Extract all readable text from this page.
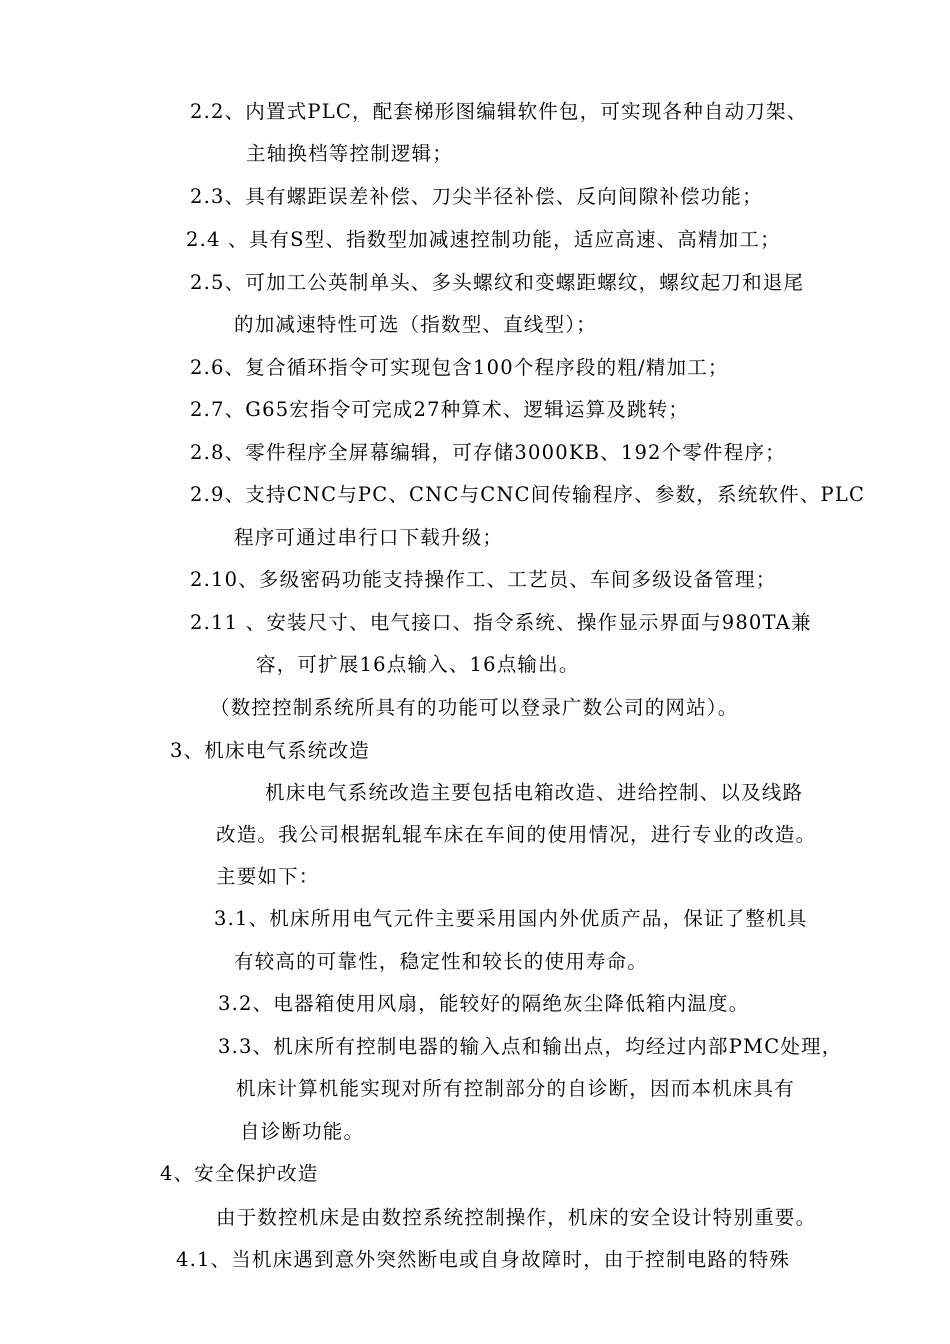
2.2、内置式PLC，配套梯形图编辑软件包，可实现各种自动刀架、
主轴换档等控制逻辑；
2.3、具有螺距误差补偿、刀尖半径补偿、反向间隙补偿功能；
2.4 、具有S型、指数型加减速控制功能，适应高速、高精加工；
2.5、可加工公英制单头、多头螺纹和变螺距螺纹，螺纹起刀和退尾
的加减速特性可选（指数型、直线型）；
2.6、复合循环指令可实现包含100个程序段的粗/精加工；
2.7、G65宏指令可完成27种算术、逻辑运算及跳转；
2.8、零件程序全屏幕编辑，可存储3000KB、192个零件程序；
2.9、支持CNC与PC、CNC与CNC间传输程序、参数，系统软件、PLC
程序可通过串行口下载升级；
2.10、多级密码功能支持操作工、工艺员、车间多级设备管理；
2.11 、安装尺寸、电气接口、指令系统、操作显示界面与980TA兼
容，可扩展16点输入、16点输出。
（数控控制系统所具有的功能可以登录广数公司的网站）。
3、机床电气系统改造
机床电气系统改造主要包括电箱改造、进给控制、以及线路
改造。我公司根据轧辊车床在车间的使用情况，进行专业的改造。
主要如下：
3.1、机床所用电气元件主要采用国内外优质产品，保证了整机具
有较高的可靠性，稳定性和较长的使用寿命。
3.2、电器箱使用风扇，能较好的隔绝灰尘降低箱内温度。
3.3、机床所有控制电器的输入点和输出点，均经过内部PMC处理，
机床计算机能实现对所有控制部分的自诊断，因而本机床具有
自诊断功能。
4、安全保护改造
由于数控机床是由数控系统控制操作，机床的安全设计特别重要。
4.1、当机床遇到意外突然断电或自身故障时，由于控制电路的特殊
